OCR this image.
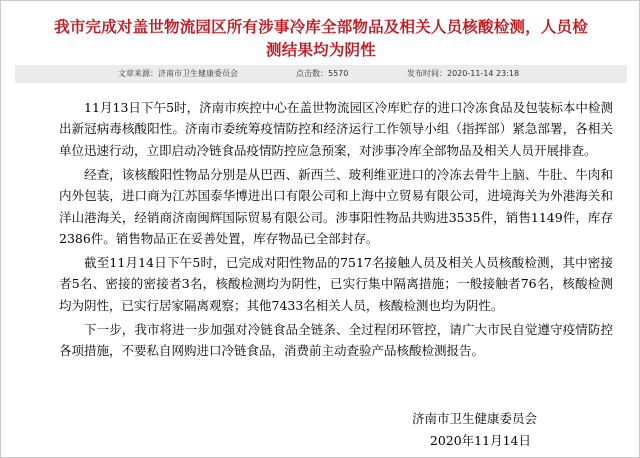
我市完成对盖世物流园区所有涉事冷库全部物品及相关人员核酸检测，人员检
测结果均为阴性
文章来源：济南市卫生健康委员会	点击数：5570	发布时间：2020-11-14 23:18

11月13日下午5时，济南市疾控中心在盖世物流园区冷库贮存的进口冷冻食品及包装标本中检测出新冠病毒核酸阳性。济南市委统筹疫情防控和经济运行工作领导小组（指挥部）紧急部署，各相关单位迅速行动，立即启动冷链食品疫情防控应急预案，对涉事冷库全部物品及相关人员开展排查。

经查，该核酸阳性物品分别是从巴西、新西兰、玻利维亚进口的冷冻去骨牛上脑、牛肚、牛肉和内外包装，进口商为江苏国泰华博进出口有限公司和上海中立贸易有限公司，进境海关为外港海关和洋山港海关，经销商济南闽辉国际贸易有限公司。涉事阳性物品共购进3535件，销售1149件，库存2386件。销售物品正在妥善处置，库存物品已全部封存。

截至11月14日下午5时，已完成对阳性物品的7517名接触人员及相关人员核酸检测，其中密接者5名、密接的密接者3名，核酸检测均为阴性，已实行集中隔离措施；一般接触者76名，核酸检测均为阴性，已实行居家隔离观察；其他7433名相关人员，核酸检测也均为阴性。

下一步，我市将进一步加强对冷链食品全链条、全过程闭环管控，请广大市民自觉遵守疫情防控各项措施，不要私自网购进口冷链食品，消费前主动查验产品核酸检测报告。

济南市卫生健康委员会
2020年11月14日
